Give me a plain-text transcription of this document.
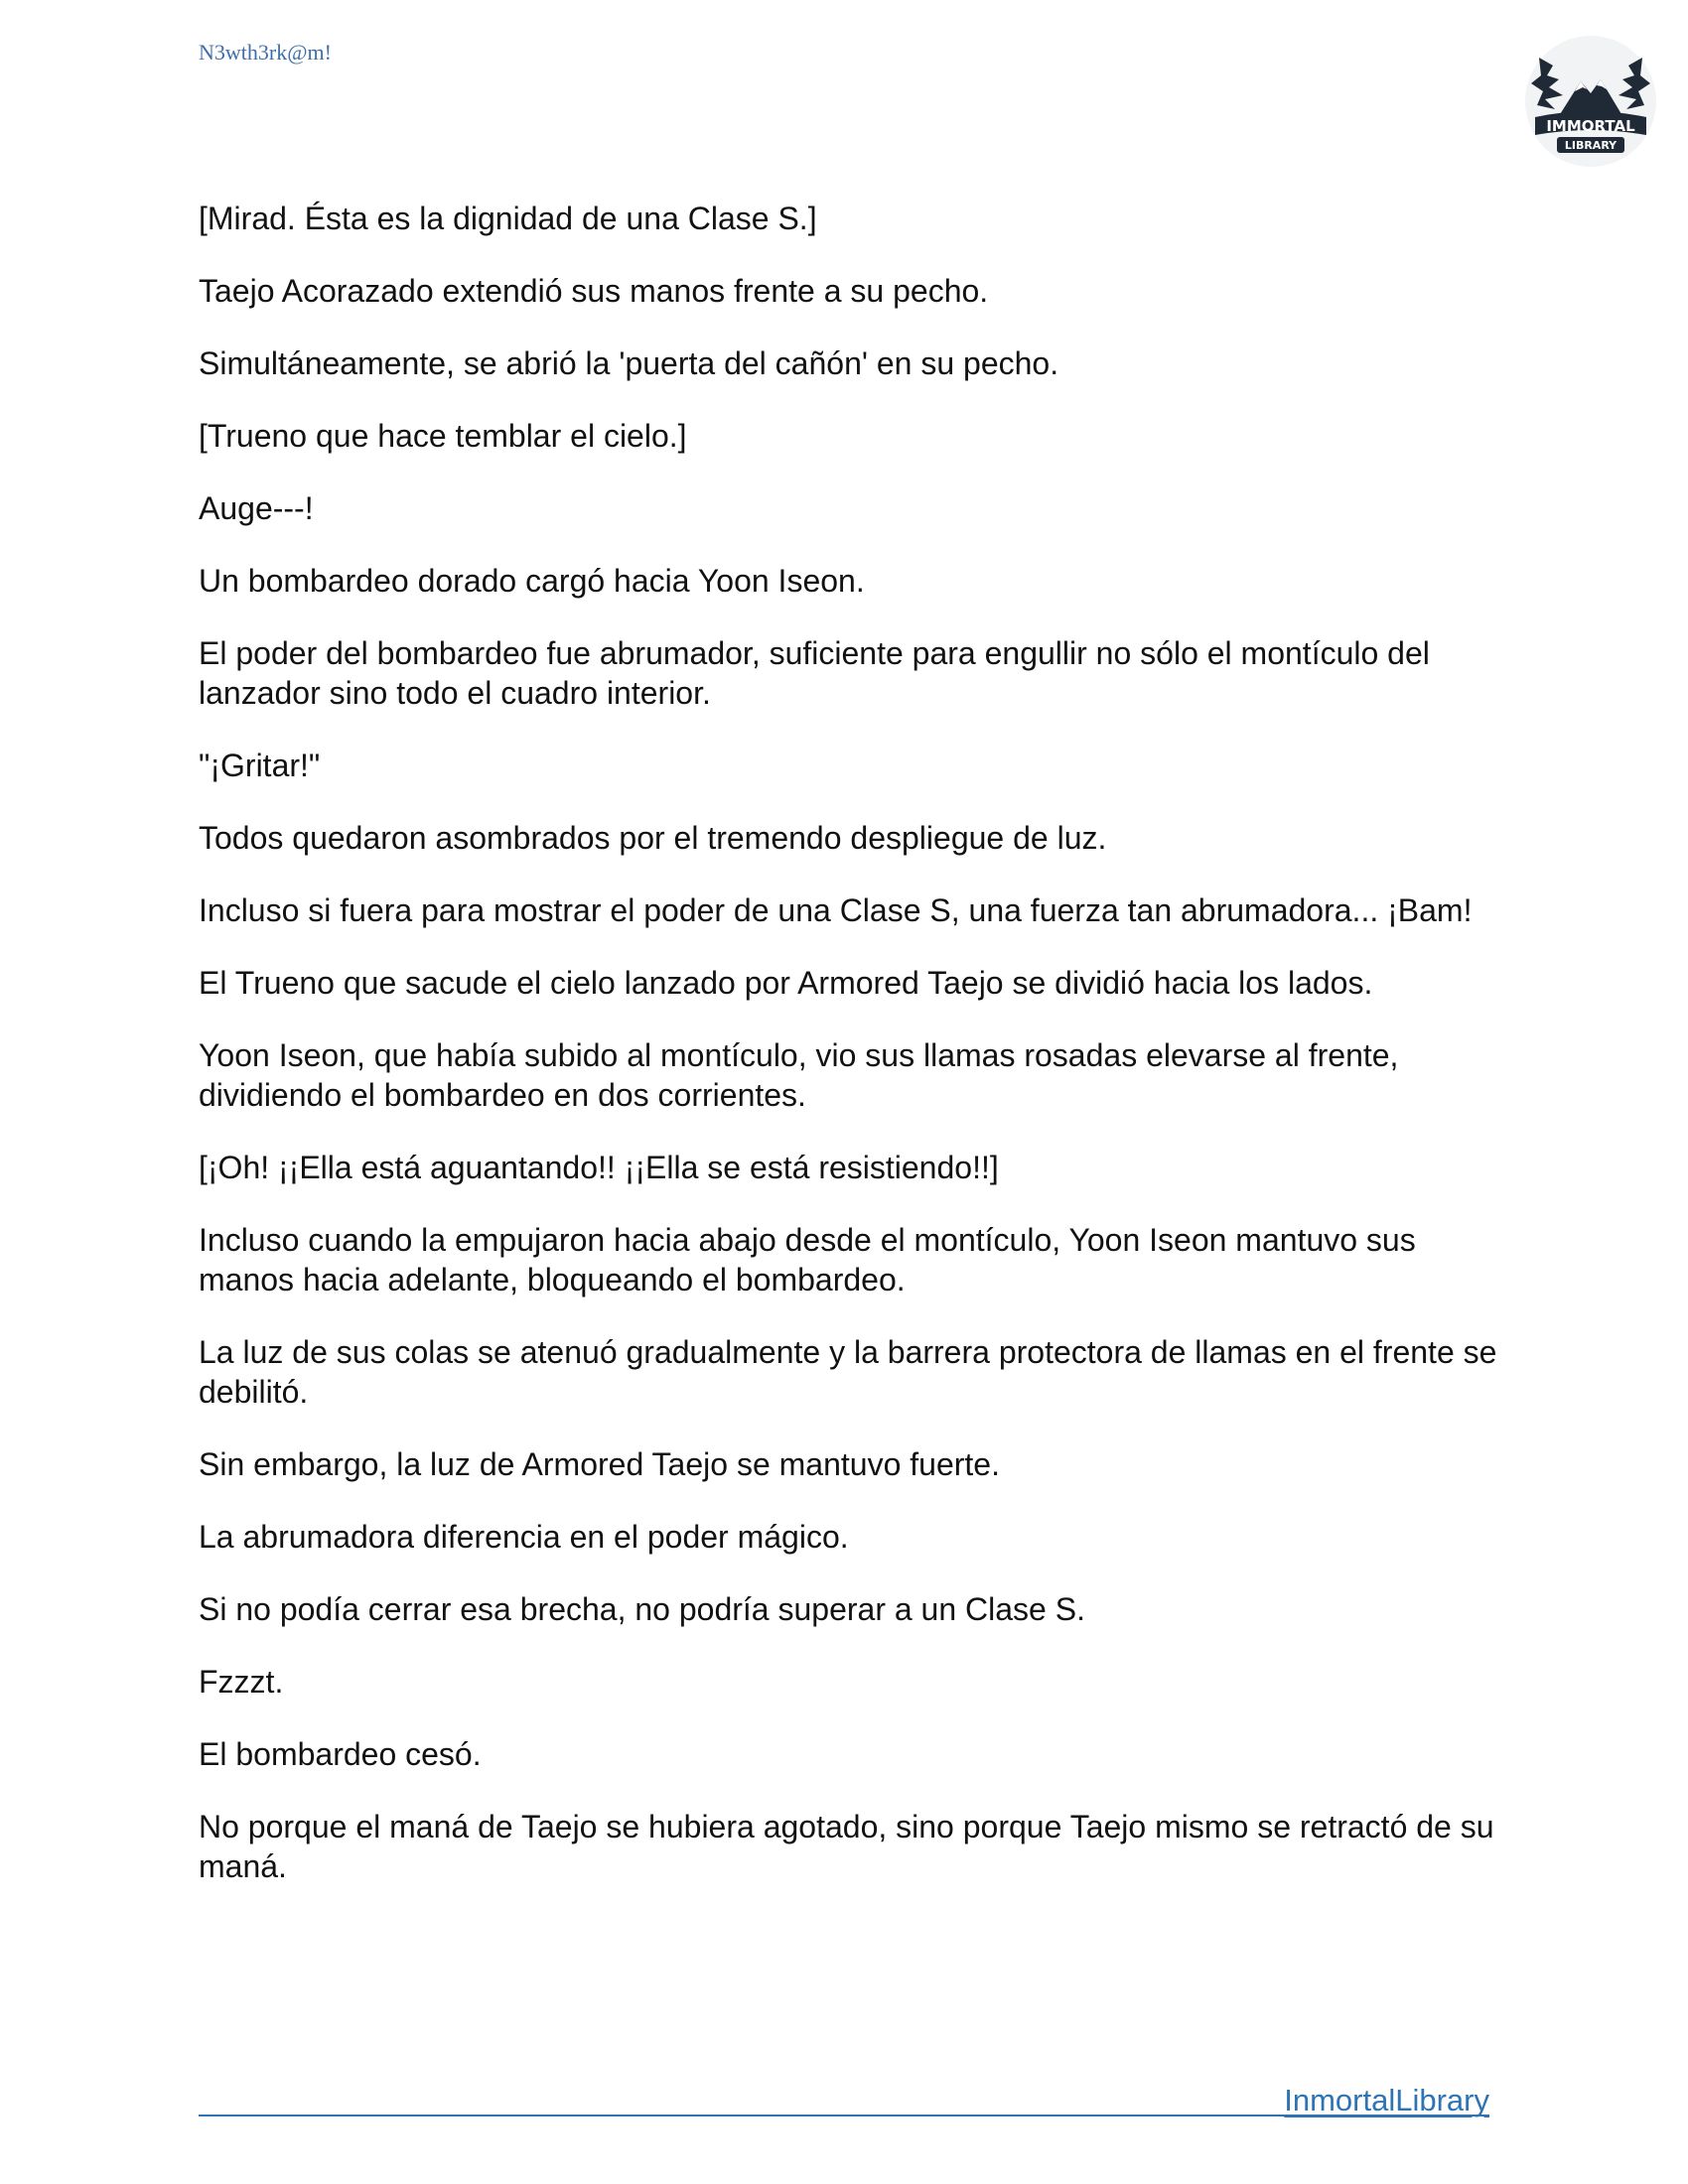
N3wth3rk@m!
IMMORTAL
LIBRARY

[Mirad. Ésta es la dignidad de una Clase S.]

Taejo Acorazado extendió sus manos frente a su pecho.

Simultáneamente, se abrió la 'puerta del cañón' en su pecho.

[Trueno que hace temblar el cielo.]

Auge---!

Un bombardeo dorado cargó hacia Yoon Iseon.

El poder del bombardeo fue abrumador, suficiente para engullir no sólo el montículo del lanzador sino todo el cuadro interior.

"¡Gritar!"

Todos quedaron asombrados por el tremendo despliegue de luz.

Incluso si fuera para mostrar el poder de una Clase S, una fuerza tan abrumadora... ¡Bam!

El Trueno que sacude el cielo lanzado por Armored Taejo se dividió hacia los lados.

Yoon Iseon, que había subido al montículo, vio sus llamas rosadas elevarse al frente, dividiendo el bombardeo en dos corrientes.

[¡Oh! ¡¡Ella está aguantando!! ¡¡Ella se está resistiendo!!]

Incluso cuando la empujaron hacia abajo desde el montículo, Yoon Iseon mantuvo sus manos hacia adelante, bloqueando el bombardeo.

La luz de sus colas se atenuó gradualmente y la barrera protectora de llamas en el frente se debilitó.

Sin embargo, la luz de Armored Taejo se mantuvo fuerte.

La abrumadora diferencia en el poder mágico.

Si no podía cerrar esa brecha, no podría superar a un Clase S.

Fzzzt.

El bombardeo cesó.

No porque el maná de Taejo se hubiera agotado, sino porque Taejo mismo se retractó de su maná.

InmortalLibrary
